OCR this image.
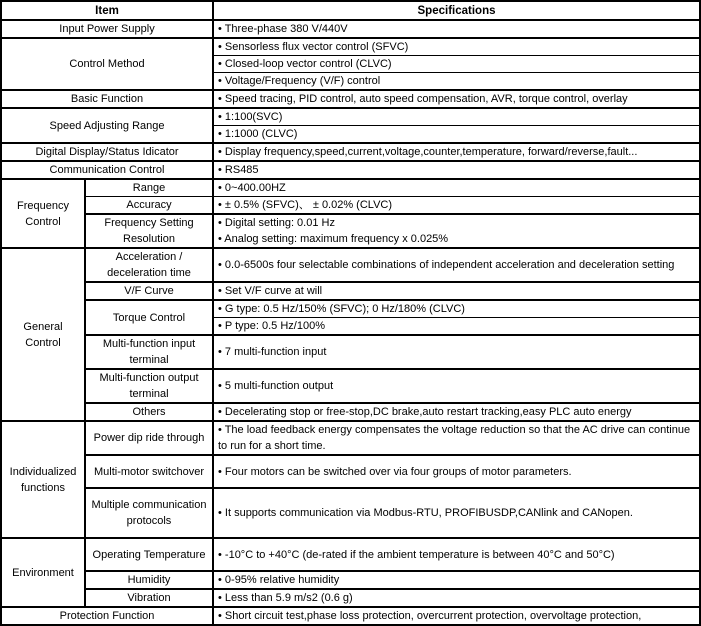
Item		Specifications
Input Power Supply		• Three-phase 380 V/440V

Control Method		• Sensorless flux vector control (SFVC)

		• Closed-loop vector control (CLVC)

		• Voltage/Frequency (V/F) control

Basic Function		• Speed tracing, PID control, auto speed compensation, AVR, torque control, overlay

Speed Adjusting Range		• 1:100(SVC)

		• 1:1000 (CLVC)

Digital Display/Status Idicator		• Display frequency,speed,current,voltage,counter,temperature, forward/reverse,fault...

Communication Control		• RS485

Frequency Control	Range	• 0~400.00HZ

	Accuracy	• ± 0.5% (SFVC)、 ± 0.02% (CLVC)

	Frequency Setting Resolution	• Digital setting: 0.01 Hz
• Analog setting: maximum frequency x 0.025%

General Control	Acceleration / deceleration time	• 0.0-6500s four selectable combinations of independent acceleration and deceleration setting

	V/F Curve	• Set V/F curve at will

	Torque Control	• G type: 0.5 Hz/150% (SFVC); 0 Hz/180% (CLVC)

		• P type: 0.5 Hz/100%

	Multi-function input terminal	• 7 multi-function input

	Multi-function output terminal	• 5 multi-function output

	Others	• Decelerating stop or free-stop,DC brake,auto restart tracking,easy PLC auto energy

Individualized functions	Power dip ride through	• The load feedback energy compensates the voltage reduction so that the AC drive can continue to run for a short time.

	Multi-motor switchover	• Four motors can be switched over via four groups of motor parameters.

	Multiple communication protocols	• It supports communication via Modbus-RTU, PROFIBUSDP,CANlink and CANopen.

Environment	Operating Temperature	• -10°C to +40°C (de-rated if the ambient temperature is between 40°C and 50°C)

	Humidity	• 0-95% relative humidity

	Vibration	• Less than 5.9 m/s2 (0.6 g)

Protection Function		• Short circuit test,phase loss protection, overcurrent protection, overvoltage protection,
